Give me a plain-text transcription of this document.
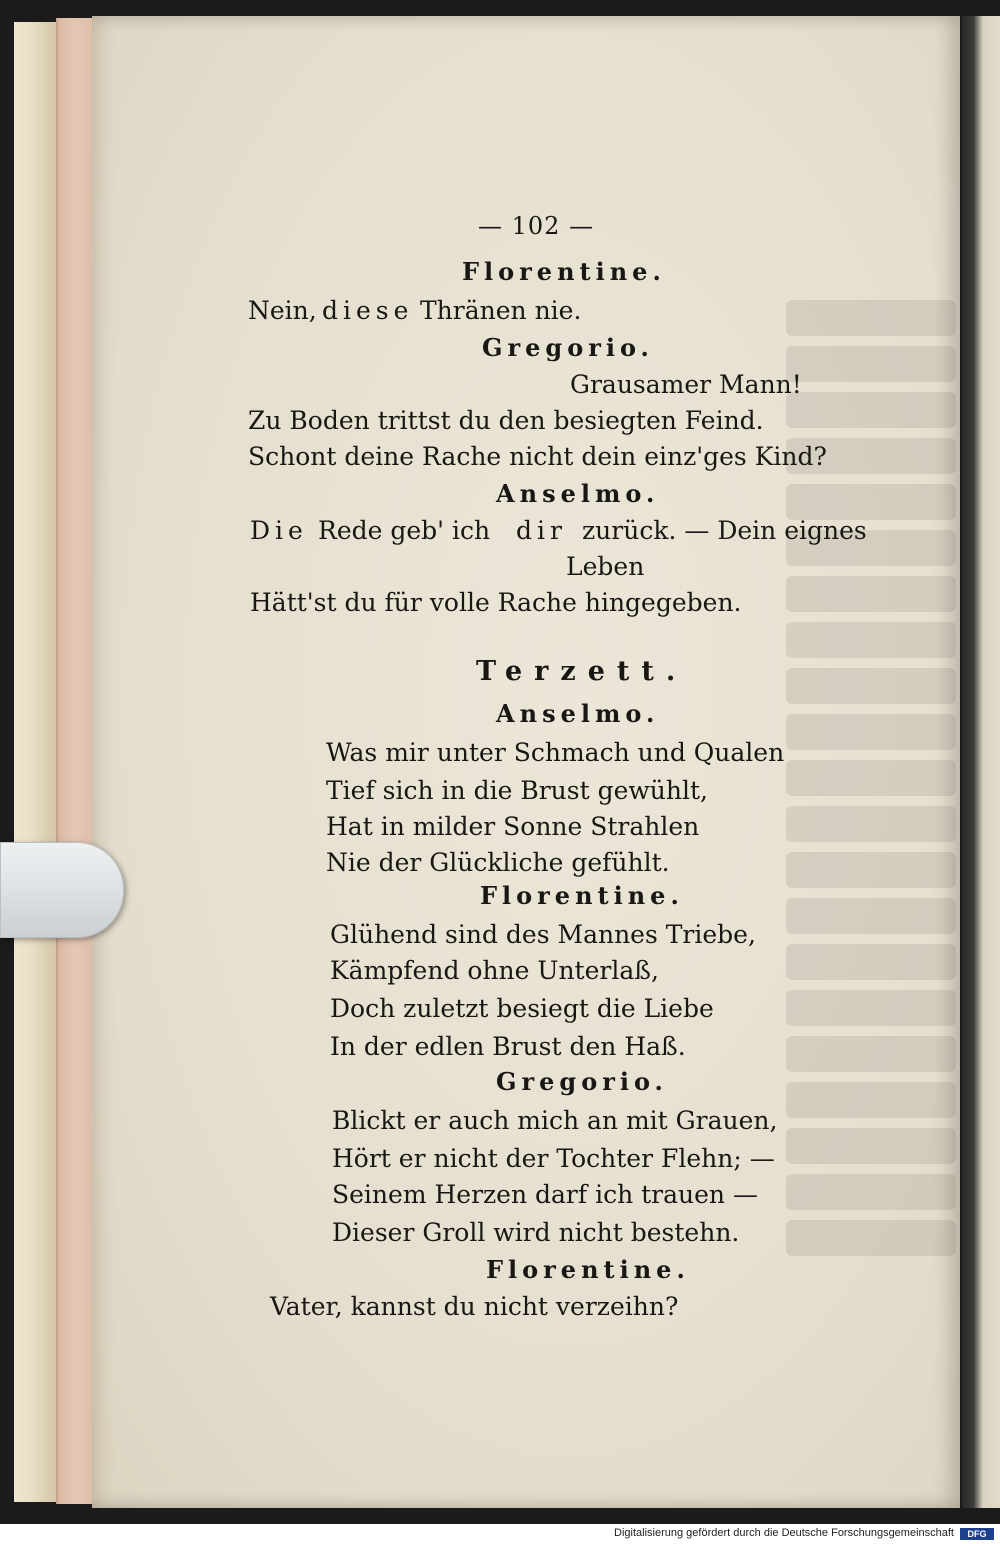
— 102 —
Florentine.
Nein, diese Thränen nie.
Gregorio.
Grausamer Mann!
Zu Boden trittst du den besiegten Feind.
Schont deine Rache nicht dein einz'ges Kind?
Anselmo.
Die Rede geb' ich dir zurück. — Dein eignes
Leben
Hätt'st du für volle Rache hingegeben.
Terzett.
Anselmo.
Was mir unter Schmach und Qualen
Tief sich in die Brust gewühlt,
Hat in milder Sonne Strahlen
Nie der Glückliche gefühlt.
Florentine.
Glühend sind des Mannes Triebe,
Kämpfend ohne Unterlaß,
Doch zuletzt besiegt die Liebe
In der edlen Brust den Haß.
Gregorio.
Blickt er auch mich an mit Grauen,
Hört er nicht der Tochter Flehn; —
Seinem Herzen darf ich trauen —
Dieser Groll wird nicht bestehn.
Florentine.
Vater, kannst du nicht verzeihn?
Digitalisierung gefördert durch die Deutsche Forschungsgemeinschaft	DFG
